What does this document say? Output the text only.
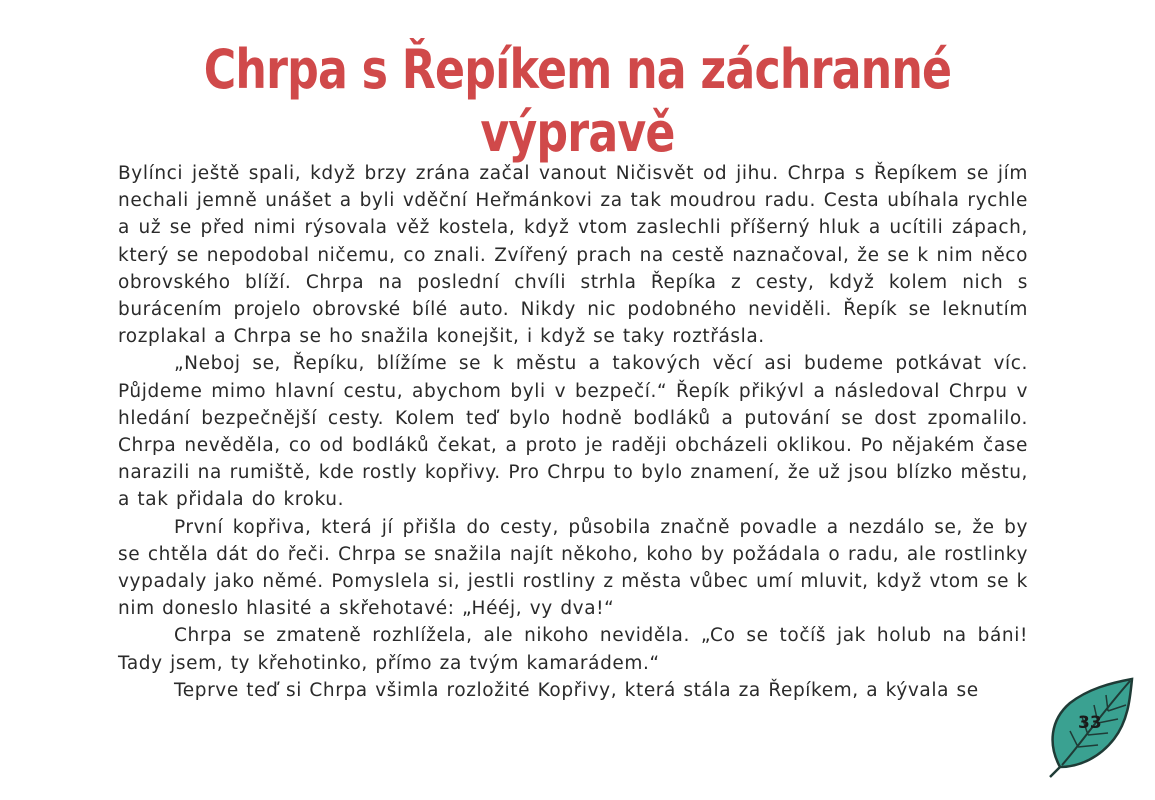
Chrpa s Řepíkem na záchranné výpravě

Bylínci ještě spali, když brzy zrána začal vanout Ničisvět od jihu. Chrpa s Řepíkem se jím nechali jemně unášet a byli vděční Heřmánkovi za tak moudrou radu. Cesta ubíhala rychle a už se před nimi rýsovala věž kostela, když vtom zaslechli příšerný hluk a ucítili zápach, který se nepodobal ničemu, co znali. Zvířený prach na cestě naznačoval, že se k nim něco obrovského blíží. Chrpa na poslední chvíli strhla Řepíka z cesty, když kolem nich s burácením projelo obrovské bílé auto. Nikdy nic podobného neviděli. Řepík se leknutím rozplakal a Chrpa se ho snažila konejšit, i když se taky roztřásla.

„Neboj se, Řepíku, blížíme se k městu a takových věcí asi budeme potkávat víc. Půjdeme mimo hlavní cestu, abychom byli v bezpečí.“ Řepík přikývl a následoval Chrpu v hledání bezpečnější cesty. Kolem teď bylo hodně bodláků a putování se dost zpomalilo. Chrpa nevěděla, co od bodláků čekat, a proto je raději obcházeli oklikou. Po nějakém čase narazili na rumiště, kde rostly kopřivy. Pro Chrpu to bylo znamení, že už jsou blízko městu, a tak přidala do kroku.

První kopřiva, která jí přišla do cesty, působila značně povadle a nezdálo se, že by se chtěla dát do řeči. Chrpa se snažila najít někoho, koho by požádala o radu, ale rostlinky vypadaly jako němé. Pomyslela si, jestli rostliny z města vůbec umí mluvit, když vtom se k nim doneslo hlasité a skřehotavé: „Hééj, vy dva!“

Chrpa se zmateně rozhlížela, ale nikoho neviděla. „Co se točíš jak holub na báni! Tady jsem, ty křehotinko, přímo za tvým kamarádem.“

Teprve teď si Chrpa všimla rozložité Kopřivy, která stála za Řepíkem, a kývala se

33
